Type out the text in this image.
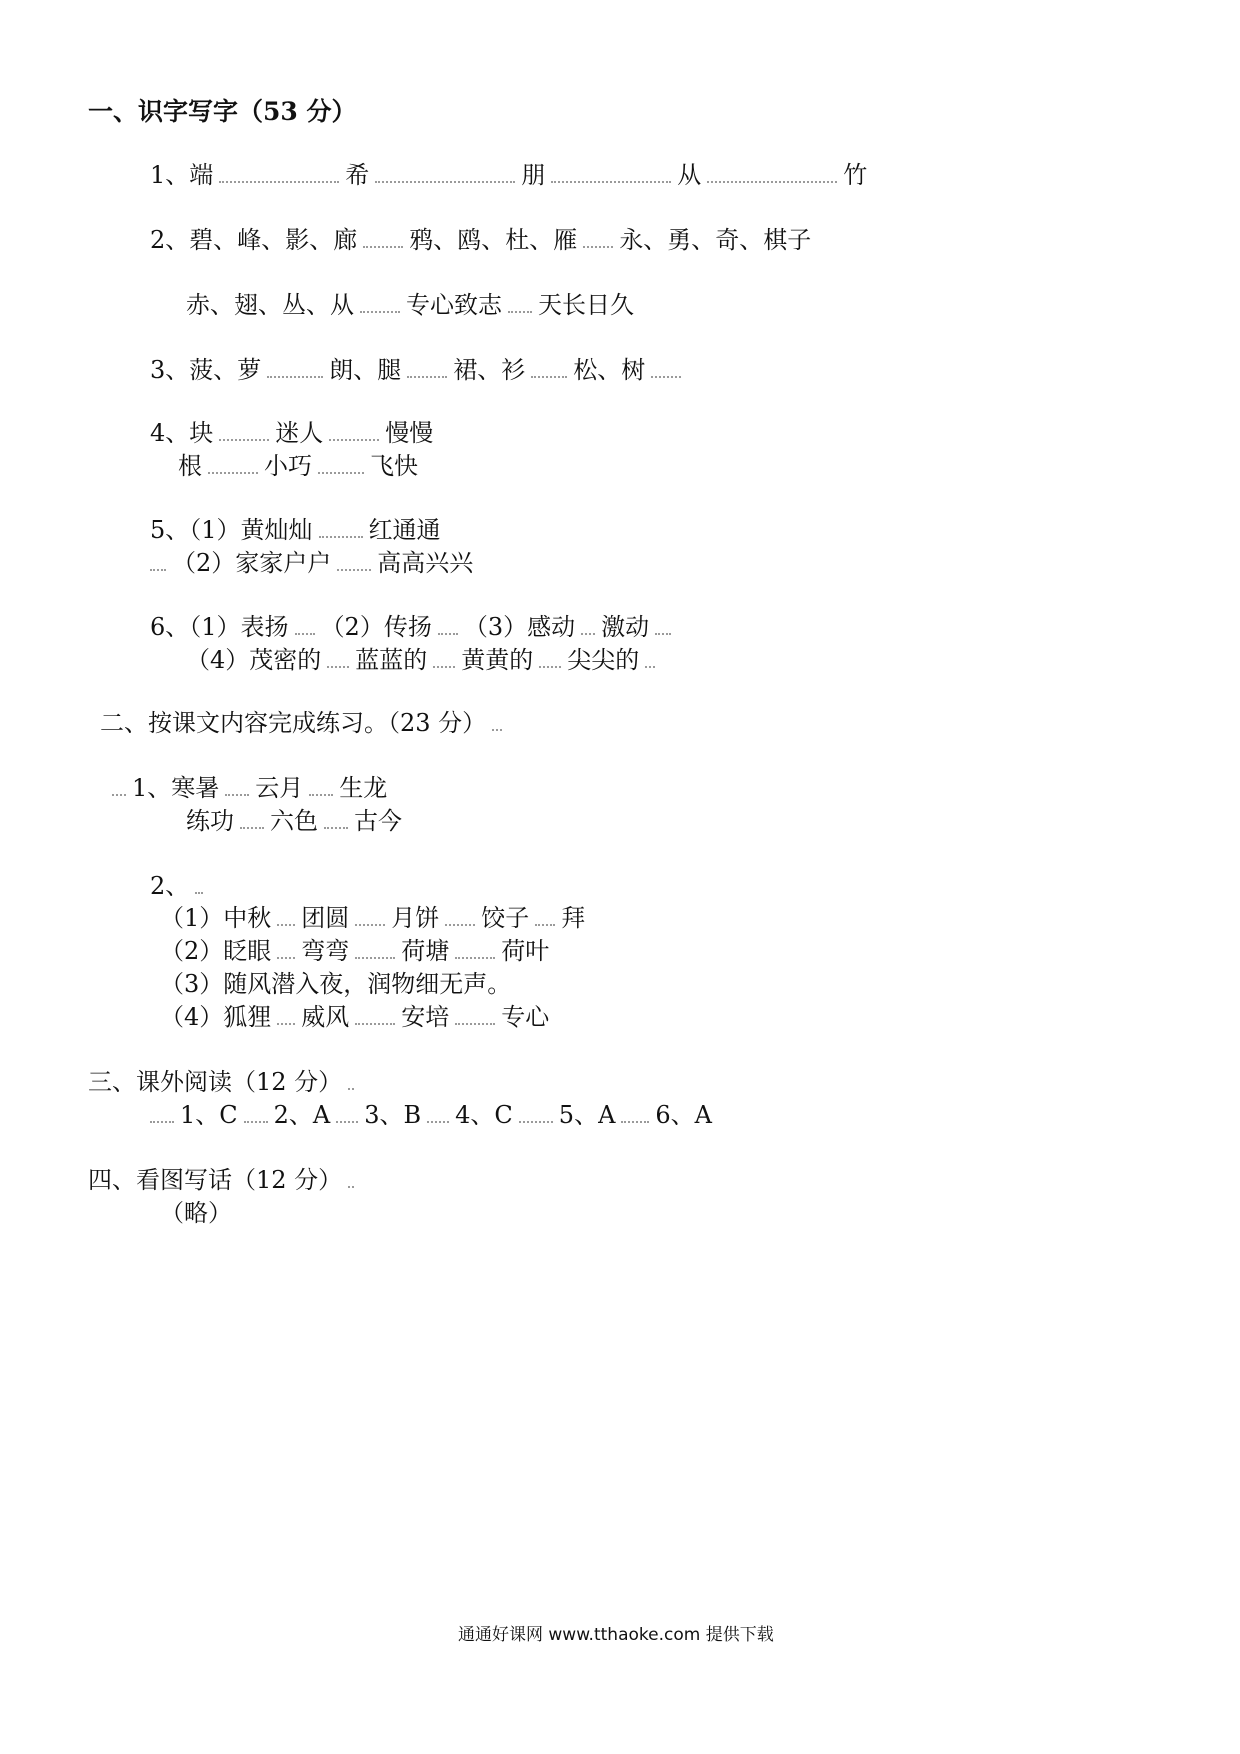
一、识字写字（53 分）
1、端	希	朋	从	竹
2、碧、峰、影、廊 鸦、鸥、杜、雁 永、勇、奇、棋子
赤、翅、丛、从 专心致志 天长日久
3、菠、萝	朗、腿 裙、衫 松、树
4、块	迷人	慢慢
根	小巧 飞快
5、（1）黄灿灿 红通通
（2）家家户户 高高兴兴
6、（1）表扬 （2）传扬 （3）感动 激动
（4）茂密的 蓝蓝的 黄黄的 尖尖的
二、按课文内容完成练习。（23 分）
1、寒暑 云月 生龙
练功 六色 古今
2、
（1）中秋 团圆 月饼 饺子 拜
（2）眨眼 弯弯 荷塘 荷叶
（3）随风潜入夜，润物细无声。
（4）狐狸 威风 安培 专心
三、课外阅读（12 分）
1、C 2、A 3、B 4、C 5、A 6、A
四、看图写话（12 分）
（略）
通通好课网 www.tthaoke.com 提供下载
